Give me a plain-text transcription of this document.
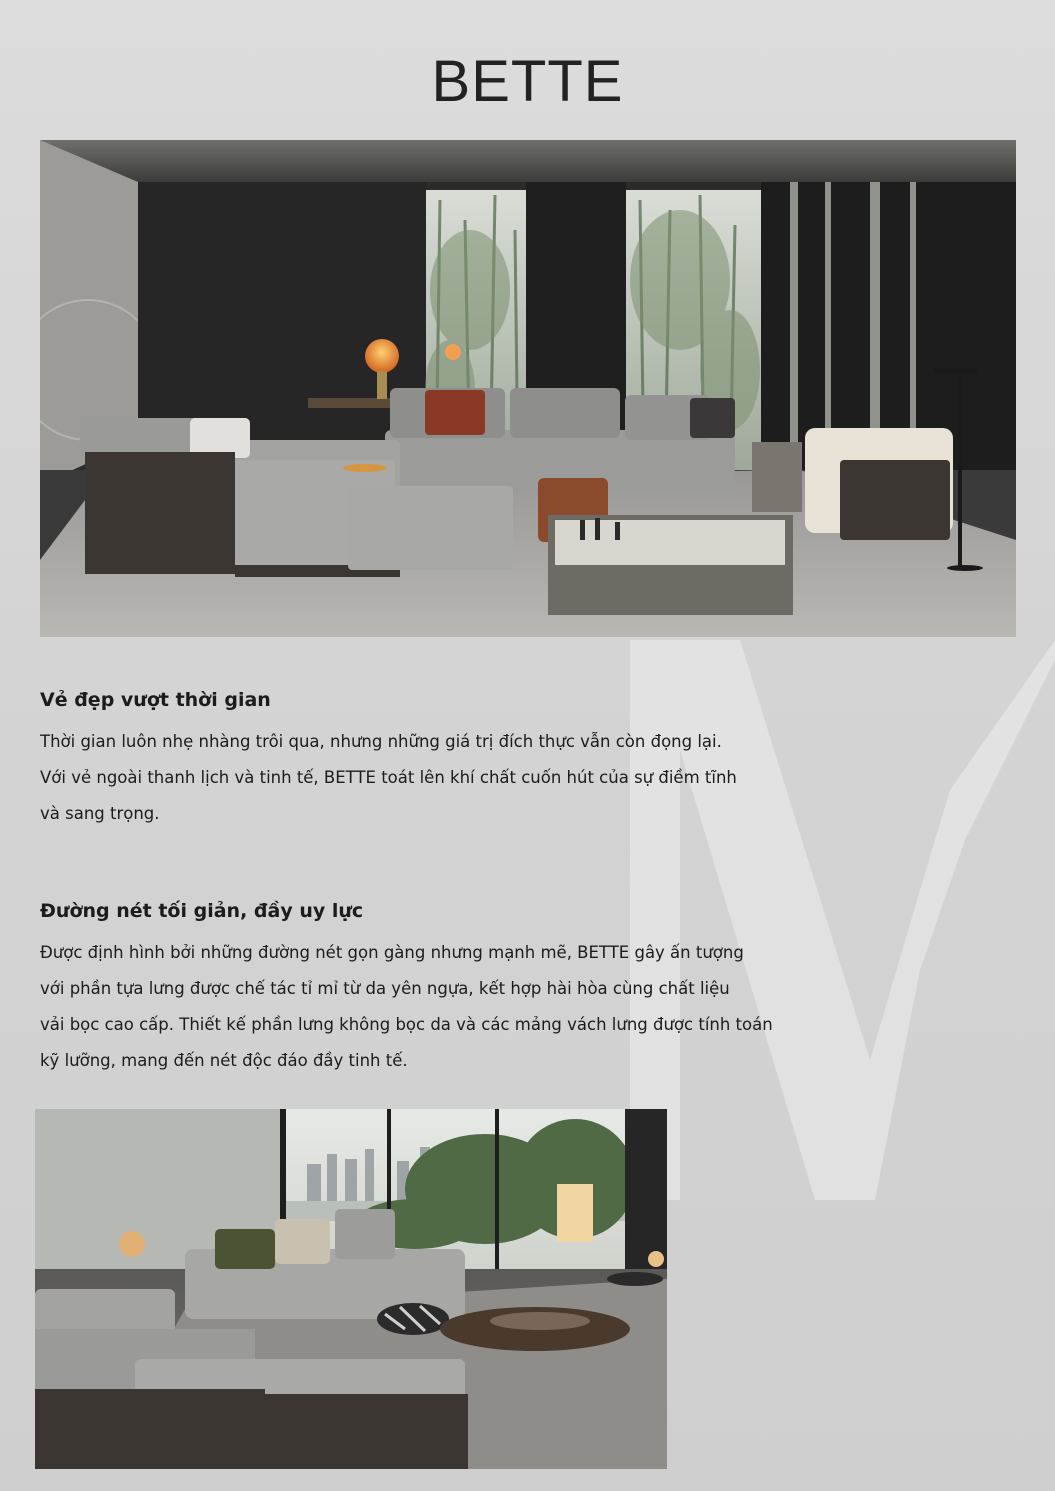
BETTE
Vẻ đẹp vượt thời gian

Thời gian luôn nhẹ nhàng trôi qua, nhưng những giá trị đích thực vẫn còn đọng lại.
Với vẻ ngoài thanh lịch và tinh tế, BETTE toát lên khí chất cuốn hút của sự điềm tĩnh
và sang trọng.

Đường nét tối giản, đầy uy lực

Được định hình bởi những đường nét gọn gàng nhưng mạnh mẽ, BETTE gây ấn tượng
với phần tựa lưng được chế tác tỉ mỉ từ da yên ngựa, kết hợp hài hòa cùng chất liệu
vải bọc cao cấp. Thiết kế phần lưng không bọc da và các mảng vách lưng được tính toán
kỹ lưỡng, mang đến nét độc đáo đầy tinh tế.
